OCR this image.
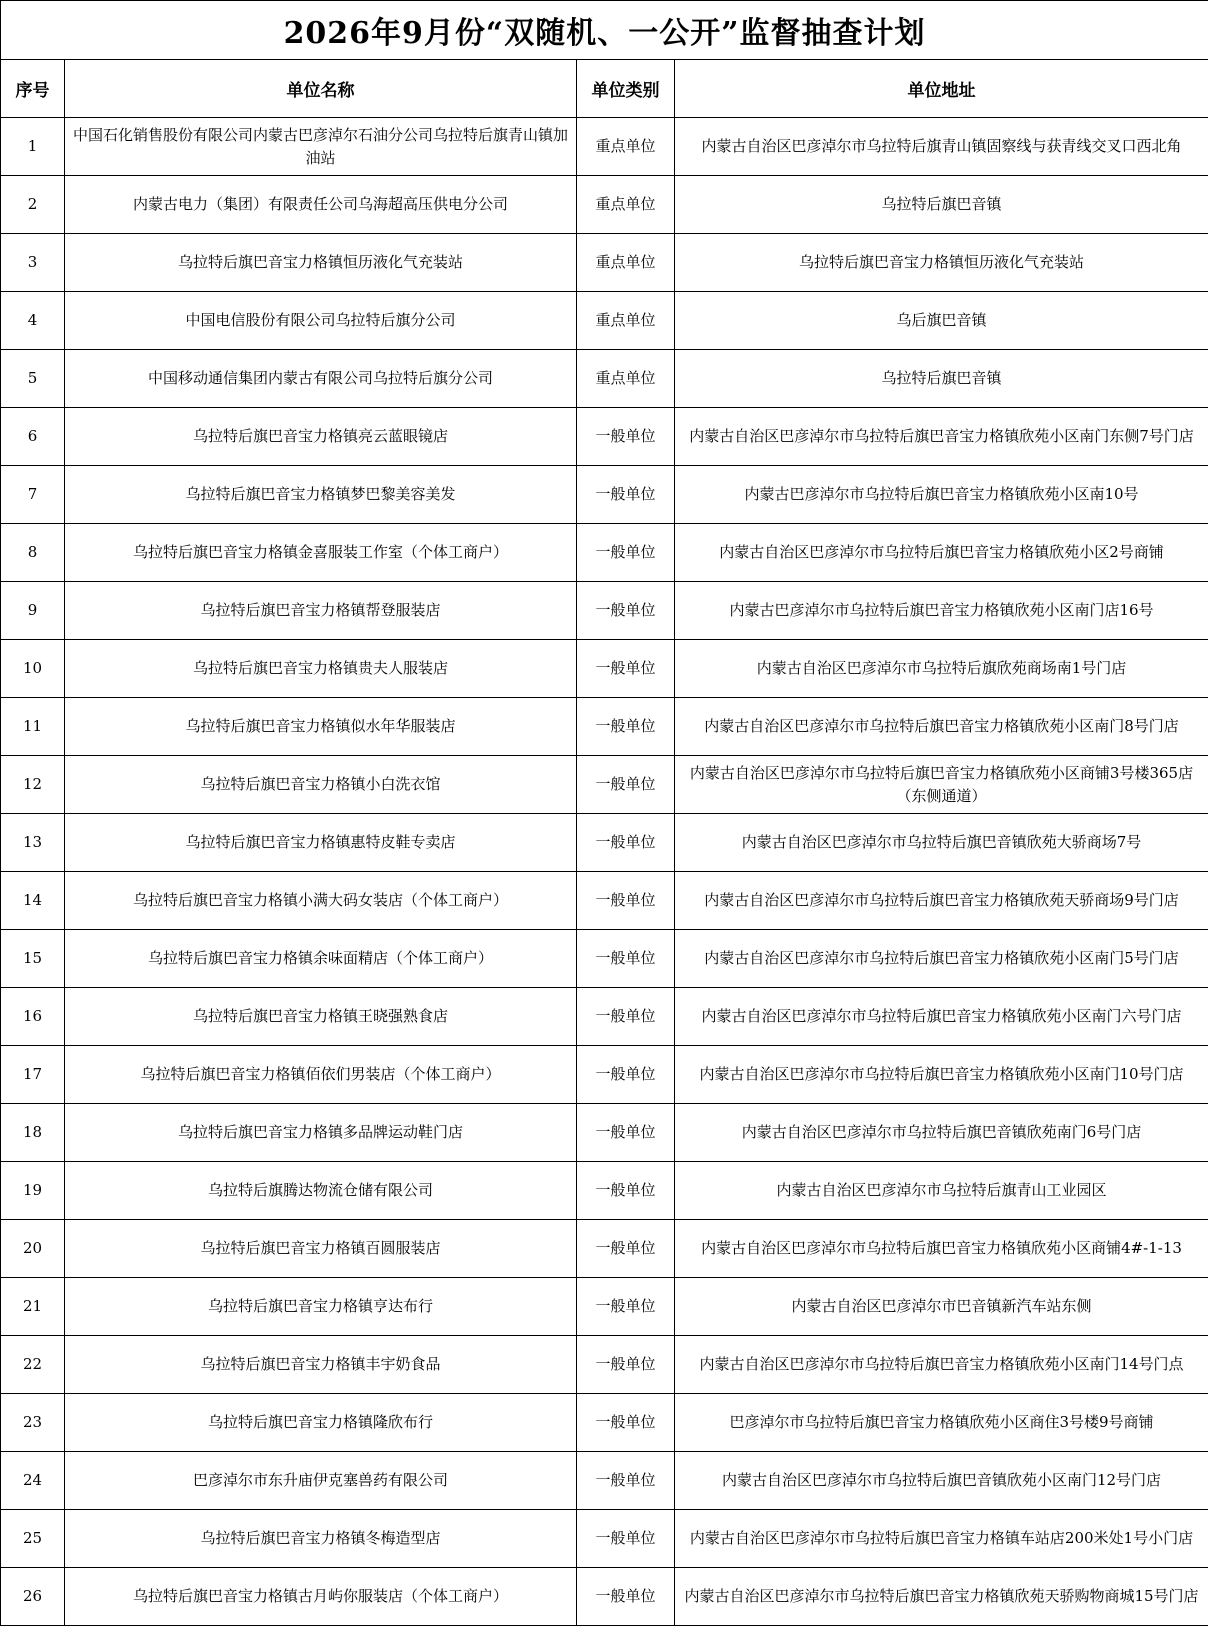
2026年9月份“双随机、一公开”监督抽查计划			
序号	单位名称	单位类别	单位地址
1	中国石化销售股份有限公司内蒙古巴彦淖尔石油分公司乌拉特后旗青山镇加油站	重点单位	内蒙古自治区巴彦淖尔市乌拉特后旗青山镇固察线与获青线交叉口西北角
2	内蒙古电力（集团）有限责任公司乌海超高压供电分公司	重点单位	乌拉特后旗巴音镇
3	乌拉特后旗巴音宝力格镇恒历液化气充装站	重点单位	乌拉特后旗巴音宝力格镇恒历液化气充装站
4	中国电信股份有限公司乌拉特后旗分公司	重点单位	乌后旗巴音镇
5	中国移动通信集团内蒙古有限公司乌拉特后旗分公司	重点单位	乌拉特后旗巴音镇
6	乌拉特后旗巴音宝力格镇亮云蓝眼镜店	一般单位	内蒙古自治区巴彦淖尔市乌拉特后旗巴音宝力格镇欣苑小区南门东侧7号门店
7	乌拉特后旗巴音宝力格镇梦巴黎美容美发	一般单位	内蒙古巴彦淖尔市乌拉特后旗巴音宝力格镇欣苑小区南10号
8	乌拉特后旗巴音宝力格镇金喜服装工作室（个体工商户）	一般单位	内蒙古自治区巴彦淖尔市乌拉特后旗巴音宝力格镇欣苑小区2号商铺
9	乌拉特后旗巴音宝力格镇帮登服装店	一般单位	内蒙古巴彦淖尔市乌拉特后旗巴音宝力格镇欣苑小区南门店16号
10	乌拉特后旗巴音宝力格镇贵夫人服装店	一般单位	内蒙古自治区巴彦淖尔市乌拉特后旗欣苑商场南1号门店
11	乌拉特后旗巴音宝力格镇似水年华服装店	一般单位	内蒙古自治区巴彦淖尔市乌拉特后旗巴音宝力格镇欣苑小区南门8号门店
12	乌拉特后旗巴音宝力格镇小白洗衣馆	一般单位	内蒙古自治区巴彦淖尔市乌拉特后旗巴音宝力格镇欣苑小区商铺3号楼365店（东侧通道）
13	乌拉特后旗巴音宝力格镇惠特皮鞋专卖店	一般单位	内蒙古自治区巴彦淖尔市乌拉特后旗巴音镇欣苑大骄商场7号
14	乌拉特后旗巴音宝力格镇小满大码女装店（个体工商户）	一般单位	内蒙古自治区巴彦淖尔市乌拉特后旗巴音宝力格镇欣苑天骄商场9号门店
15	乌拉特后旗巴音宝力格镇余味面精店（个体工商户）	一般单位	内蒙古自治区巴彦淖尔市乌拉特后旗巴音宝力格镇欣苑小区南门5号门店
16	乌拉特后旗巴音宝力格镇王晓强熟食店	一般单位	内蒙古自治区巴彦淖尔市乌拉特后旗巴音宝力格镇欣苑小区南门六号门店
17	乌拉特后旗巴音宝力格镇佰依们男装店（个体工商户）	一般单位	内蒙古自治区巴彦淖尔市乌拉特后旗巴音宝力格镇欣苑小区南门10号门店
18	乌拉特后旗巴音宝力格镇多品牌运动鞋门店	一般单位	内蒙古自治区巴彦淖尔市乌拉特后旗巴音镇欣苑南门6号门店
19	乌拉特后旗腾达物流仓储有限公司	一般单位	内蒙古自治区巴彦淖尔市乌拉特后旗青山工业园区
20	乌拉特后旗巴音宝力格镇百圆服装店	一般单位	内蒙古自治区巴彦淖尔市乌拉特后旗巴音宝力格镇欣苑小区商铺4#-1-13
21	乌拉特后旗巴音宝力格镇亨达布行	一般单位	内蒙古自治区巴彦淖尔市巴音镇新汽车站东侧
22	乌拉特后旗巴音宝力格镇丰宇奶食品	一般单位	内蒙古自治区巴彦淖尔市乌拉特后旗巴音宝力格镇欣苑小区南门14号门点
23	乌拉特后旗巴音宝力格镇隆欣布行	一般单位	巴彦淖尔市乌拉特后旗巴音宝力格镇欣苑小区商住3号楼9号商铺
24	巴彦淖尔市东升庙伊克塞兽药有限公司	一般单位	内蒙古自治区巴彦淖尔市乌拉特后旗巴音镇欣苑小区南门12号门店
25	乌拉特后旗巴音宝力格镇冬梅造型店	一般单位	内蒙古自治区巴彦淖尔市乌拉特后旗巴音宝力格镇车站店200米处1号小门店
26	乌拉特后旗巴音宝力格镇古月屿你服装店（个体工商户）	一般单位	内蒙古自治区巴彦淖尔市乌拉特后旗巴音宝力格镇欣苑天骄购物商城15号门店
